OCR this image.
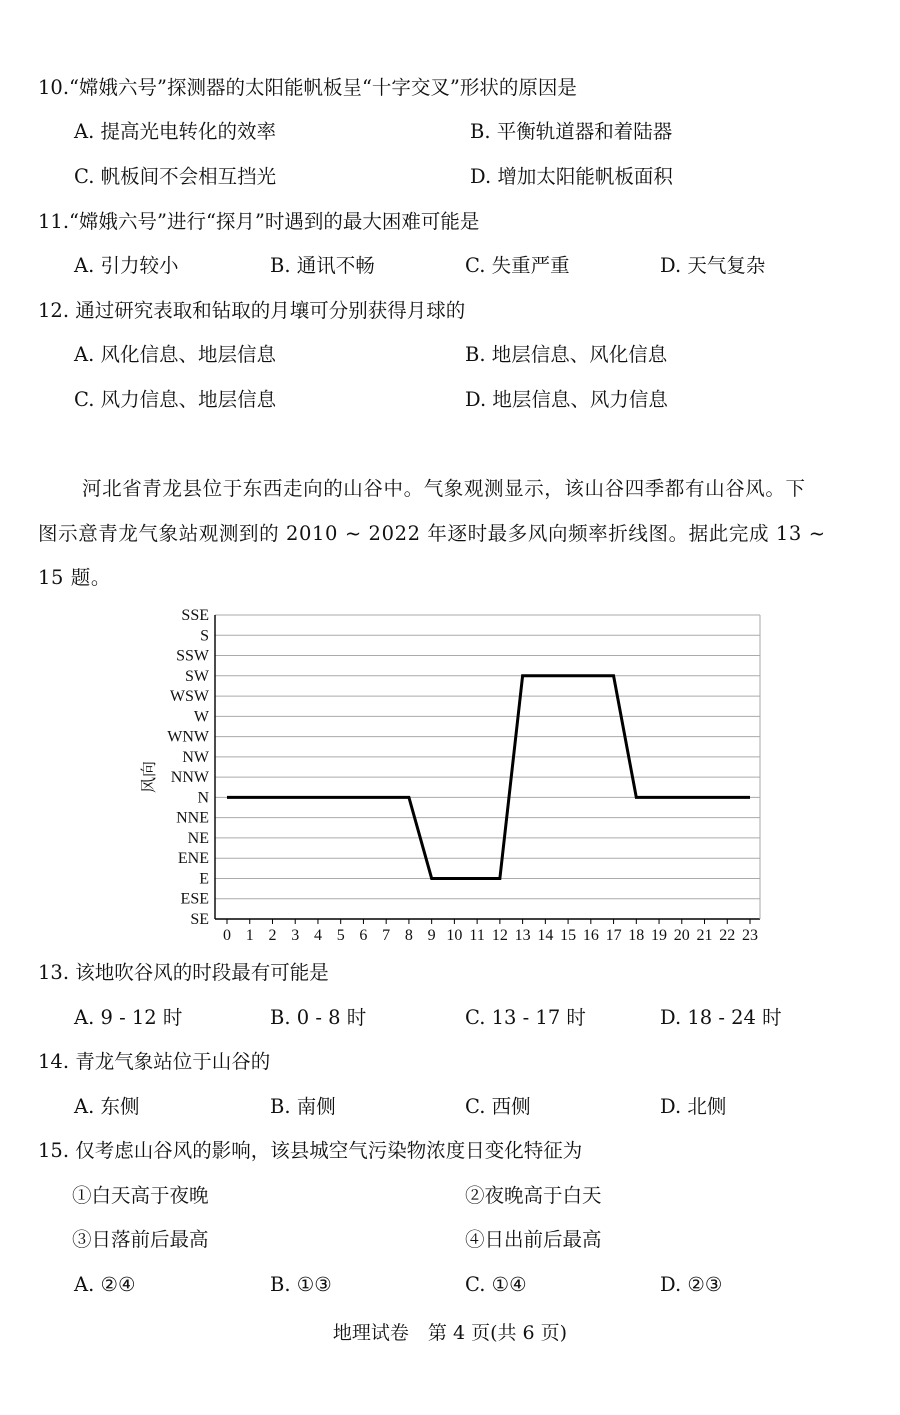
10.“嫦娥六号”探测器的太阳能帆板呈“十字交叉”形状的原因是
A. 提高光电转化的效率	B. 平衡轨道器和着陆器
C. 帆板间不会相互挡光	D. 增加太阳能帆板面积
11.“嫦娥六号”进行“探月”时遇到的最大困难可能是
A. 引力较小	B. 通讯不畅	C. 失重严重	D. 天气复杂
12. 通过研究表取和钻取的月壤可分别获得月球的
A. 风化信息、地层信息	B. 地层信息、风化信息
C. 风力信息、地层信息	D. 地层信息、风力信息
河北省青龙县位于东西走向的山谷中。气象观测显示，该山谷四季都有山谷风。下
图示意青龙气象站观测到的 2010 ~ 2022 年逐时最多风向频率折线图。据此完成 13 ~
15 题。
SE
ESE
E
ENE
NE
NNE
N
NNW
NW
WNW
W
WSW
SW
SSW
S
SSE
0 1 2 3 4 5 6 7 8 9 10 11 12 13 14 15 16 17 18 19 20 21 22 23
风向
13. 该地吹谷风的时段最有可能是
A. 9 - 12 时	B. 0 - 8 时	C. 13 - 17 时	D. 18 - 24 时
14. 青龙气象站位于山谷的
A. 东侧	B. 南侧	C. 西侧	D. 北侧
15. 仅考虑山谷风的影响，该县城空气污染物浓度日变化特征为
①白天高于夜晚	②夜晚高于白天
③日落前后最高	④日出前后最高
A. ②④	B. ①③	C. ①④	D. ②③
地理试卷　第 4 页(共 6 页)
